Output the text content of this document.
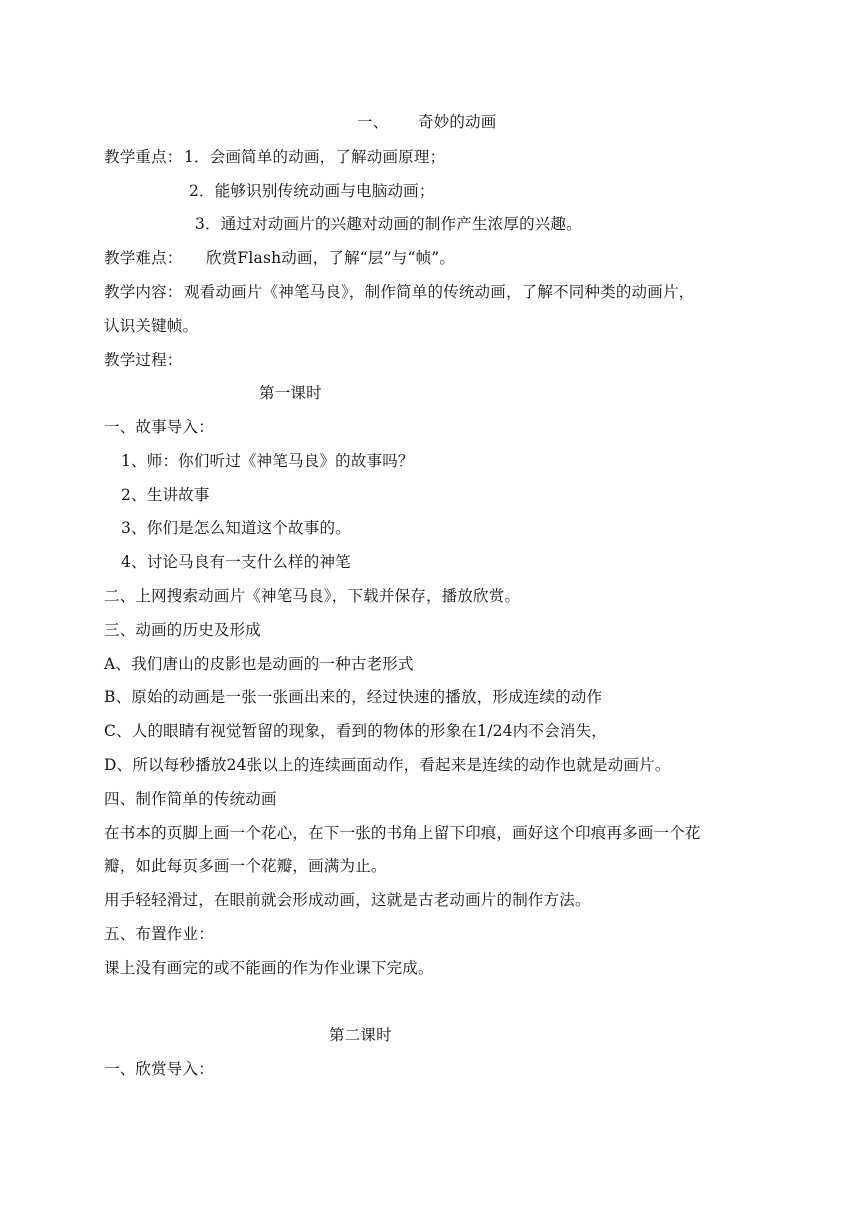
一、 奇妙的动画
教学重点： 1．会画简单的动画，了解动画原理；
2．能够识别传统动画与电脑动画；
3．通过对动画片的兴趣对动画的制作产生浓厚的兴趣。
教学难点： 欣赏Flash动画，了解“层”与“帧”。
教学内容： 观看动画片《神笔马良》，制作简单的传统动画，了解不同种类的动画片，
认识关键帧。
教学过程：
第一课时
一、故事导入：
1、师：你们听过《神笔马良》的故事吗？
2、生讲故事
3、你们是怎么知道这个故事的。
4、讨论马良有一支什么样的神笔
二、上网搜索动画片《神笔马良》，下载并保存，播放欣赏。
三、动画的历史及形成
A、我们唐山的皮影也是动画的一种古老形式
B、原始的动画是一张一张画出来的，经过快速的播放，形成连续的动作
C、人的眼睛有视觉暂留的现象，看到的物体的形象在1/24内不会消失，
D、所以每秒播放24张以上的连续画面动作，看起来是连续的动作也就是动画片。
四、制作简单的传统动画
在书本的页脚上画一个花心，在下一张的书角上留下印痕，画好这个印痕再多画一个花
瓣，如此每页多画一个花瓣，画满为止。
用手轻轻滑过，在眼前就会形成动画，这就是古老动画片的制作方法。
五、布置作业：
课上没有画完的或不能画的作为作业课下完成。
第二课时
一、欣赏导入：
